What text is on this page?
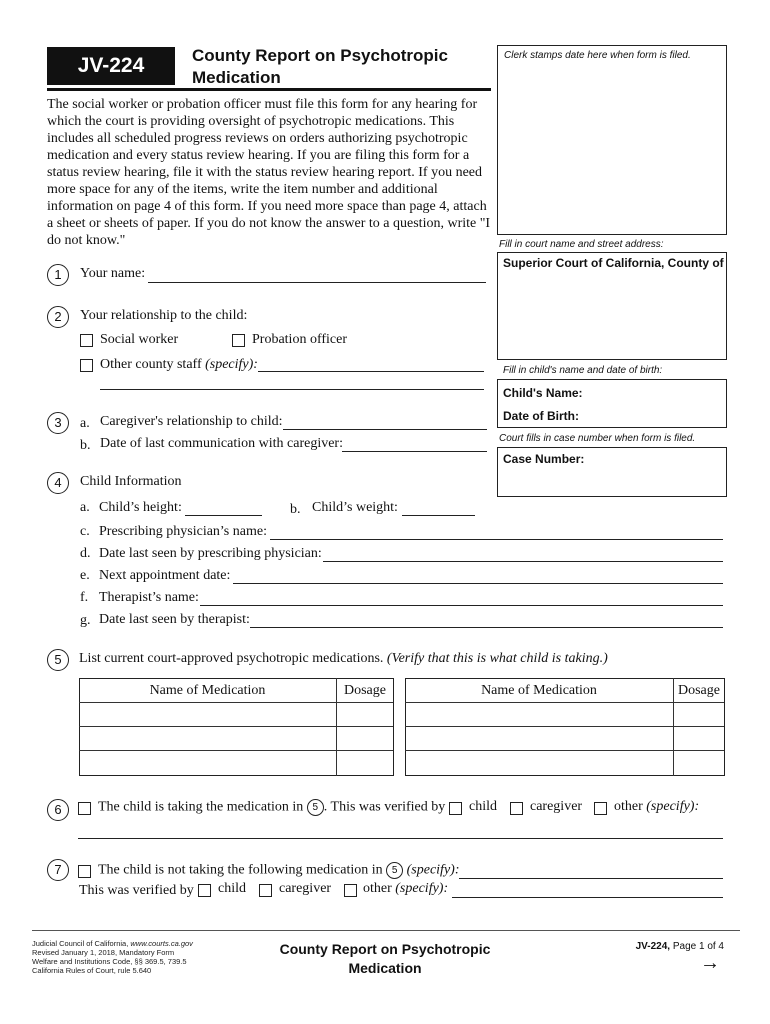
JV-224	County Report on Psychotropic
Medication
Clerk stamps date here when form is filed.
The social worker or probation officer must file this form for any hearing for which the court is providing oversight of psychotropic medications. This includes all scheduled progress reviews on orders authorizing psychotropic medication and every status review hearing. If you are filing this form for a status review hearing, file it with the status review hearing report. If you need more space for any of the items, write the item number and additional information on page 4 of this form. If you need more space than page 4, attach a sheet or sheets of paper. If you do not know the answer to a question, write "I do not know."	Fill in court name and street address:
Superior Court of California, County of
Fill in child's name and date of birth:
Child's Name:
Date of Birth:
Court fills in case number when form is filed.
Case Number:
1	Your name:
2	Your relationship to the child:
Social worker	Probation officer
Other county staff (specify):
3	a. Caregiver's relationship to child:
b. Date of last communication with caregiver:
4	Child Information
a. Child’s height:	b. Child’s weight:
c. Prescribing physician’s name:
d. Date last seen by prescribing physician:
e. Next appointment date:
f. Therapist’s name:
g. Date last seen by therapist:
5	List current court-approved psychotropic medications. (Verify that this is what child is taking.)
Name of Medication	Dosage	Name of Medication	Dosage
6	The child is taking the medication in 5 . This was verified by child caregiver other (specify):
7	The child is not taking the following medication in 5 (specify):
This was verified by child caregiver other (specify):
Judicial Council of California, www.courts.ca.gov
Revised January 1, 2018, Mandatory Form
Welfare and Institutions Code, §§ 369.5, 739.5
California Rules of Court, rule 5.640
County Report on Psychotropic
Medication
JV-224, Page 1 of 4
→
